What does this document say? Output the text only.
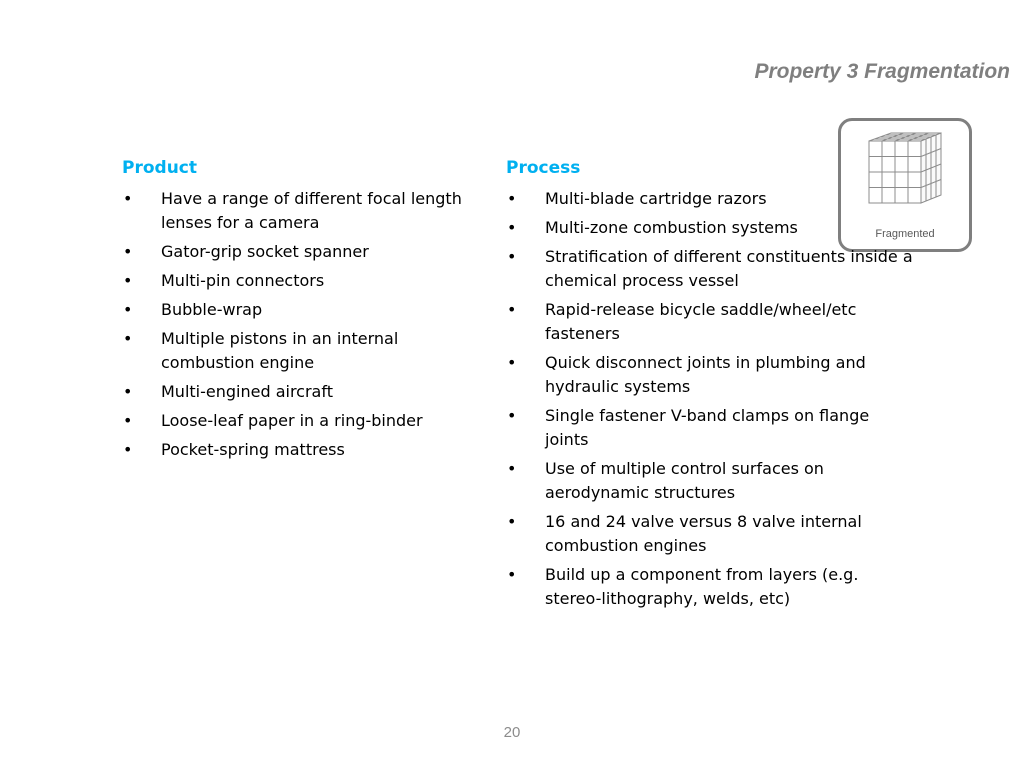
Property 3 Fragmentation
Fragmented
Product
• Have a range of different focal length lenses for a camera
• Gator-grip socket spanner
• Multi-pin connectors
• Bubble-wrap
• Multiple pistons in an internal combustion engine
• Multi-engined aircraft
• Loose-leaf paper in a ring-binder
• Pocket-spring mattress
Process
• Multi-blade cartridge razors
• Multi-zone combustion systems
• Stratification of different constituents inside a chemical process vessel
• Rapid-release bicycle saddle/wheel/etc fasteners
• Quick disconnect joints in plumbing and hydraulic systems
• Single fastener V-band clamps on flange joints
• Use of multiple control surfaces on aerodynamic structures
• 16 and 24 valve versus 8 valve internal combustion engines
• Build up a component from layers (e.g. stereo-lithography, welds, etc)
20
